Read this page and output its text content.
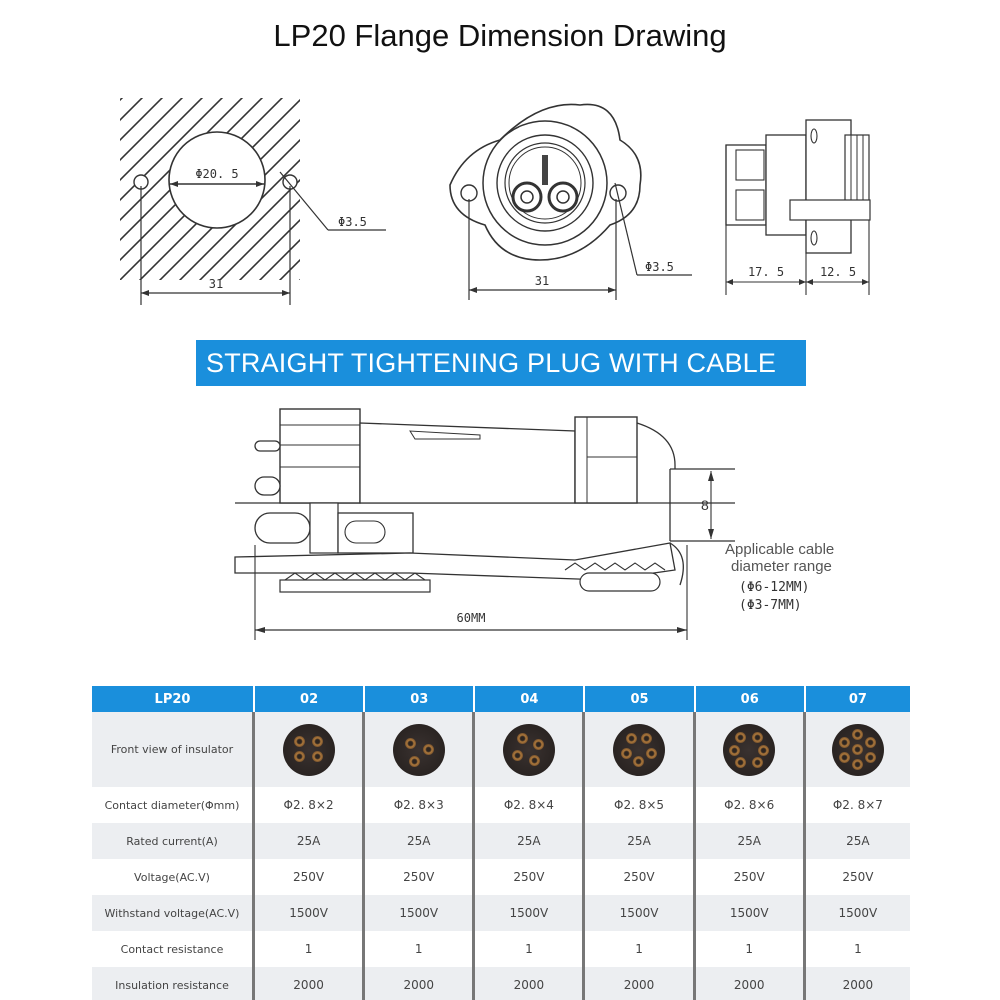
LP20 Flange Dimension Drawing
Φ20. 5
31
Φ3.5
31
Φ3.5	17. 5	12. 5
STRAIGHT TIGHTENING PLUG WITH CABLE
8
60MM
Applicable cable
diameter range
(Φ6-12MM)
(Φ3-7MM)
LP20	02	03	04	05	06	07
Front view of insulator	

Contact diameter(Φmm)	Φ2. 8×2	Φ2. 8×3	Φ2. 8×4	Φ2. 8×5	Φ2. 8×6	Φ2. 8×7
Rated current(A)	25A	25A	25A	25A	25A	25A
Voltage(AC.V)	250V	250V	250V	250V	250V	250V
Withstand voltage(AC.V)	1500V	1500V	1500V	1500V	1500V	1500V
Contact resistance	1	1	1	1	1	1
Insulation resistance	2000	2000	2000	2000	2000	2000
